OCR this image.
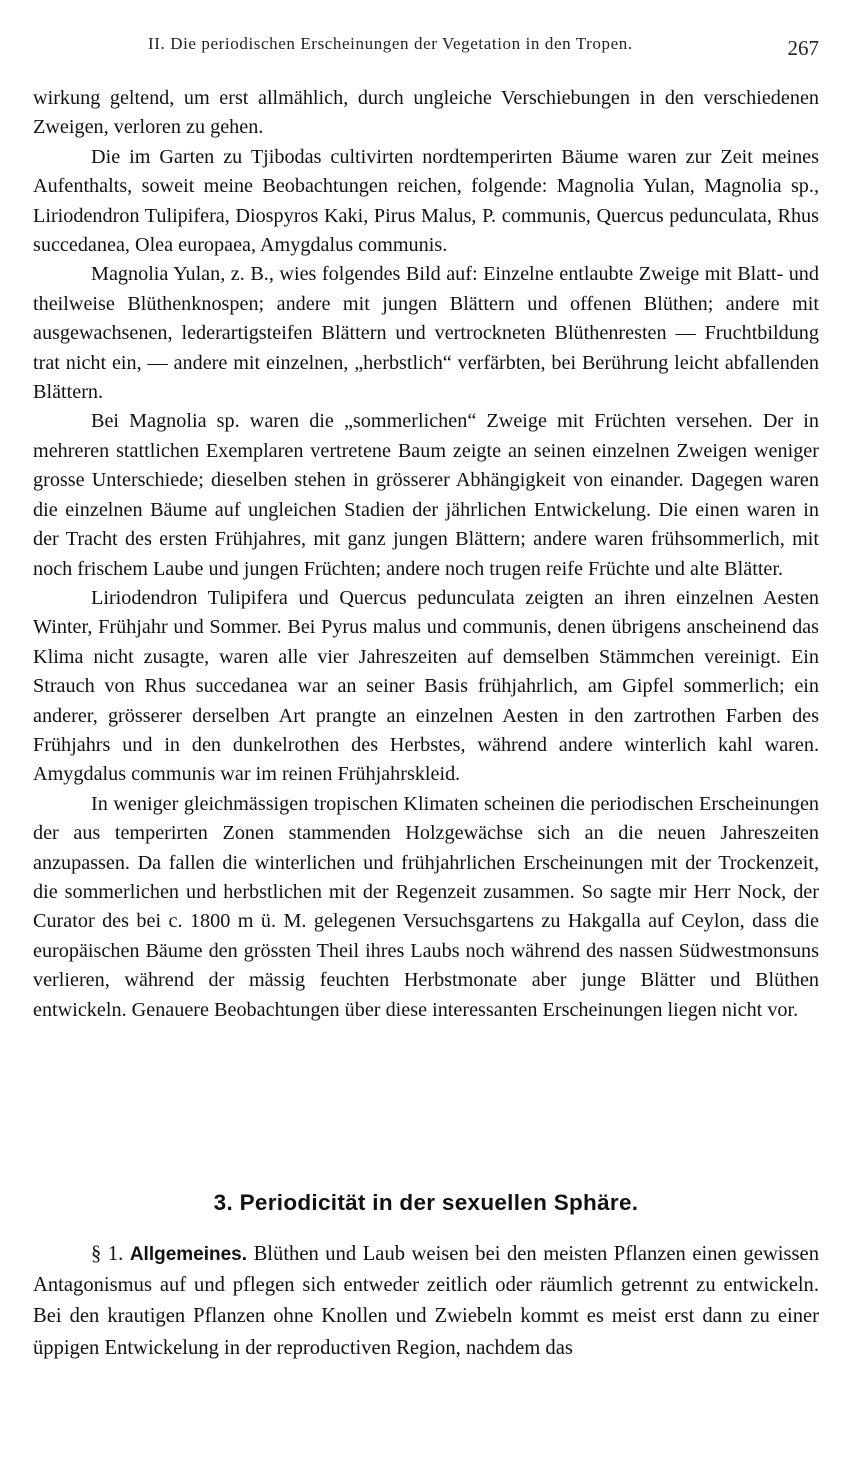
II. Die periodischen Erscheinungen der Vegetation in den Tropen.	267

wirkung geltend, um erst allmählich, durch ungleiche Verschiebungen in den verschiedenen Zweigen, verloren zu gehen.

Die im Garten zu Tjibodas cultivirten nordtemperirten Bäume waren zur Zeit meines Aufenthalts, soweit meine Beobachtungen reichen, folgende: Magnolia Yulan, Magnolia sp., Liriodendron Tulipifera, Diospyros Kaki, Pirus Malus, P. communis, Quercus pedunculata, Rhus succedanea, Olea europaea, Amygdalus communis.

Magnolia Yulan, z. B., wies folgendes Bild auf: Einzelne entlaubte Zweige mit Blatt- und theilweise Blüthenknospen; andere mit jungen Blättern und offenen Blüthen; andere mit ausgewachsenen, lederartigsteifen Blättern und vertrockneten Blüthenresten — Fruchtbildung trat nicht ein, — andere mit einzelnen, „herbstlich“ verfärbten, bei Berührung leicht abfallenden Blättern.

Bei Magnolia sp. waren die „sommerlichen“ Zweige mit Früchten versehen. Der in mehreren stattlichen Exemplaren vertretene Baum zeigte an seinen einzelnen Zweigen weniger grosse Unterschiede; dieselben stehen in grösserer Abhängigkeit von einander. Dagegen waren die einzelnen Bäume auf ungleichen Stadien der jährlichen Entwickelung. Die einen waren in der Tracht des ersten Frühjahres, mit ganz jungen Blättern; andere waren frühsommerlich, mit noch frischem Laube und jungen Früchten; andere noch trugen reife Früchte und alte Blätter.

Liriodendron Tulipifera und Quercus pedunculata zeigten an ihren einzelnen Aesten Winter, Frühjahr und Sommer. Bei Pyrus malus und communis, denen übrigens anscheinend das Klima nicht zusagte, waren alle vier Jahreszeiten auf demselben Stämmchen vereinigt. Ein Strauch von Rhus succedanea war an seiner Basis frühjahrlich, am Gipfel sommerlich; ein anderer, grösserer derselben Art prangte an einzelnen Aesten in den zartrothen Farben des Frühjahrs und in den dunkelrothen des Herbstes, während andere winterlich kahl waren. Amygdalus communis war im reinen Frühjahrskleid.

In weniger gleichmässigen tropischen Klimaten scheinen die periodischen Erscheinungen der aus temperirten Zonen stammenden Holzgewächse sich an die neuen Jahreszeiten anzupassen. Da fallen die winterlichen und frühjahrlichen Erscheinungen mit der Trockenzeit, die sommerlichen und herbstlichen mit der Regenzeit zusammen. So sagte mir Herr Nock, der Curator des bei c. 1800 m ü. M. gelegenen Versuchsgartens zu Hakgalla auf Ceylon, dass die europäischen Bäume den grössten Theil ihres Laubs noch während des nassen Südwestmonsuns verlieren, während der mässig feuchten Herbstmonate aber junge Blätter und Blüthen entwickeln. Genauere Beobachtungen über diese interessanten Erscheinungen liegen nicht vor.

3. Periodicität in der sexuellen Sphäre.

§ 1. Allgemeines. Blüthen und Laub weisen bei den meisten Pflanzen einen gewissen Antagonismus auf und pflegen sich entweder zeitlich oder räumlich getrennt zu entwickeln. Bei den krautigen Pflanzen ohne Knollen und Zwiebeln kommt es meist erst dann zu einer üppigen Entwickelung in der reproductiven Region, nachdem das
